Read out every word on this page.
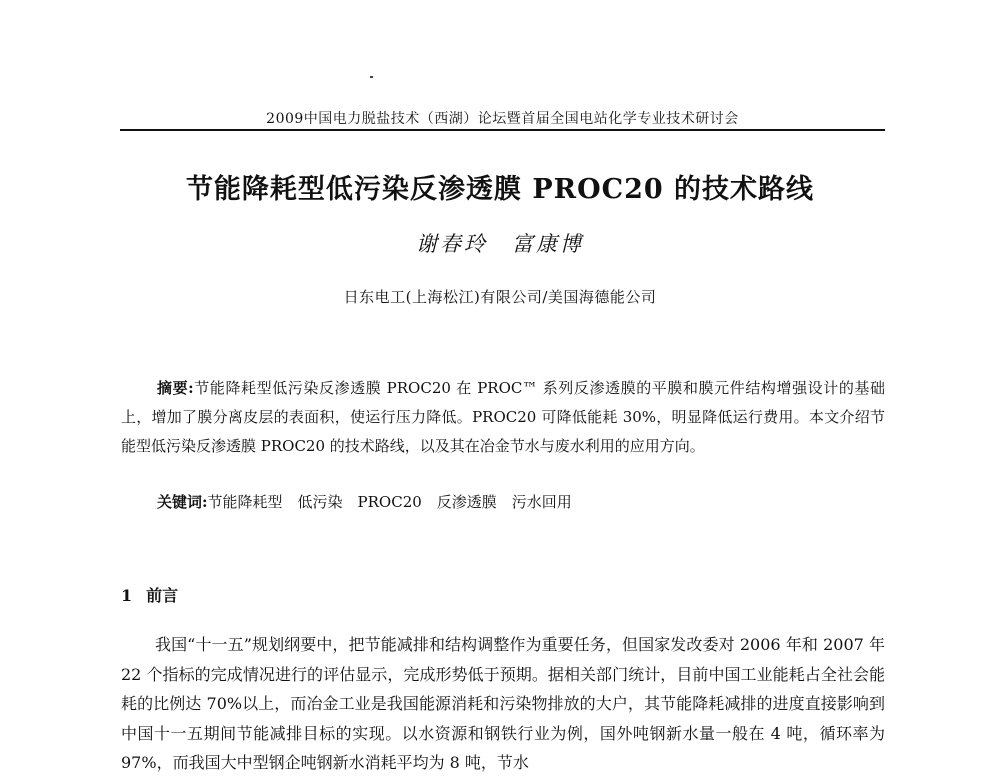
2009中国电力脱盐技术（西湖）论坛暨首届全国电站化学专业技术研讨会
节能降耗型低污染反渗透膜 PROC20 的技术路线
谢春玲　富康博
日东电工(上海松江)有限公司/美国海德能公司

摘要:节能降耗型低污染反渗透膜 PROC20 在 PROC™ 系列反渗透膜的平膜和膜元件结构增强设计的基础上，增加了膜分离皮层的表面积，使运行压力降低。PROC20 可降低能耗 30%，明显降低运行费用。本文介绍节能型低污染反渗透膜 PROC20 的技术路线，以及其在冶金节水与废水利用的应用方向。

关键词:节能降耗型　低污染　PROC20　反渗透膜　污水回用

1 前言

我国“十一五”规划纲要中，把节能减排和结构调整作为重要任务，但国家发改委对 2006 年和 2007 年 22 个指标的完成情况进行的评估显示，完成形势低于预期。据相关部门统计，目前中国工业能耗占全社会能耗的比例达 70%以上，而冶金工业是我国能源消耗和污染物排放的大户，其节能降耗减排的进度直接影响到中国十一五期间节能减排目标的实现。以水资源和钢铁行业为例，国外吨钢新水量一般在 4 吨，循环率为 97%，而我国大中型钢企吨钢新水消耗平均为 8 吨，节水
